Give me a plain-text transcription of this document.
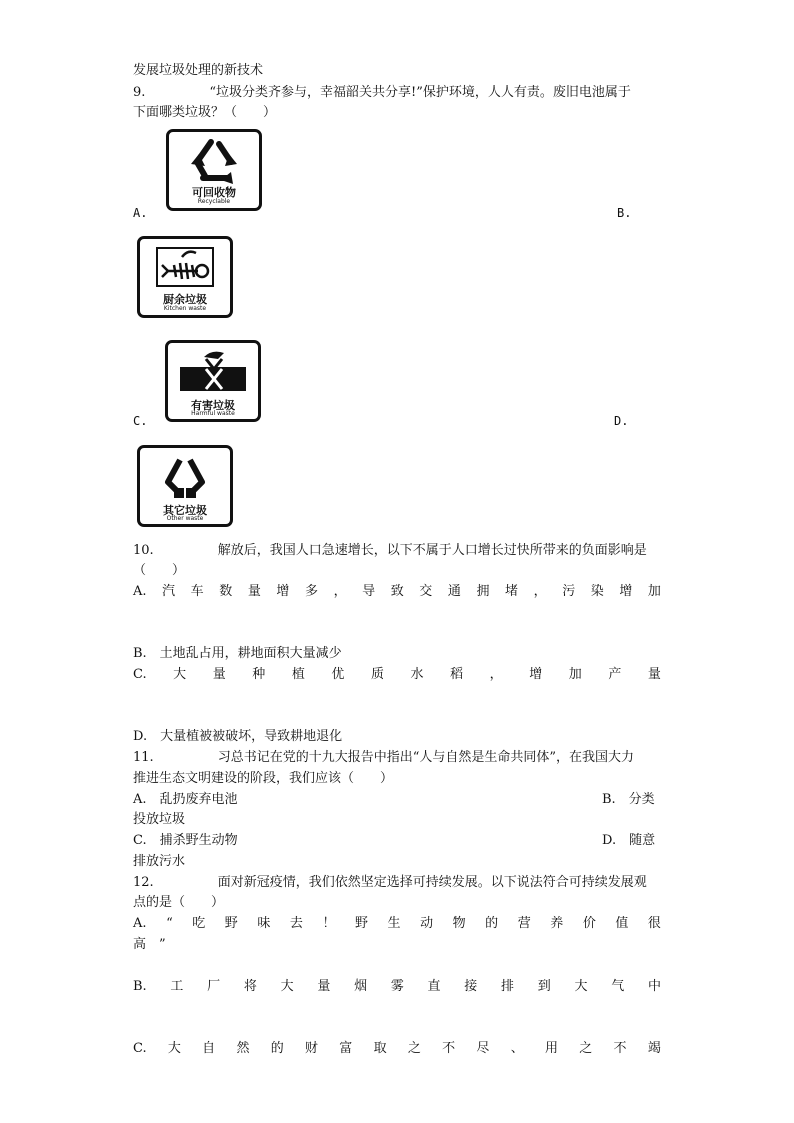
发展垃圾处理的新技术
9.	“垃圾分类齐参与，幸福韶关共分享!”保护环境，人人有责。废旧电池属于
下面哪类垃圾？（　　）
可回收物
Recyclable
A.	B.
厨余垃圾
Kitchen waste
有害垃圾
Harmful waste
C.	D.
其它垃圾
Other waste
10.	解放后，我国人口急速增长，以下不属于人口增长过快所带来的负面影响是
（　　）
A. 汽 车 数 量 增 多 ， 导 致 交 通 拥 堵 ， 污 染 增 加
B.　土地乱占用，耕地面积大量减少
C. 大 量 种 植 优 质 水 稻 ， 增 加 产 量
D.　大量植被被破坏，导致耕地退化
11.	习总书记在党的十九大报告中指出“人与自然是生命共同体”，在我国大力
推进生态文明建设的阶段，我们应该（　　）
A.　乱扔废弃电池	B.　分类
投放垃圾
C.　捕杀野生动物	D.　随意
排放污水
12.	面对新冠疫情，我们依然坚定选择可持续发展。以下说法符合可持续发展观
点的是（　　）
A. “ 吃 野 味 去 ！ 野 生 动 物 的 营 养 价 值 很
高　”
B. 工 厂 将 大 量 烟 雾 直 接 排 到 大 气 中
C. 大 自 然 的 财 富 取 之 不 尽 、 用 之 不 竭
